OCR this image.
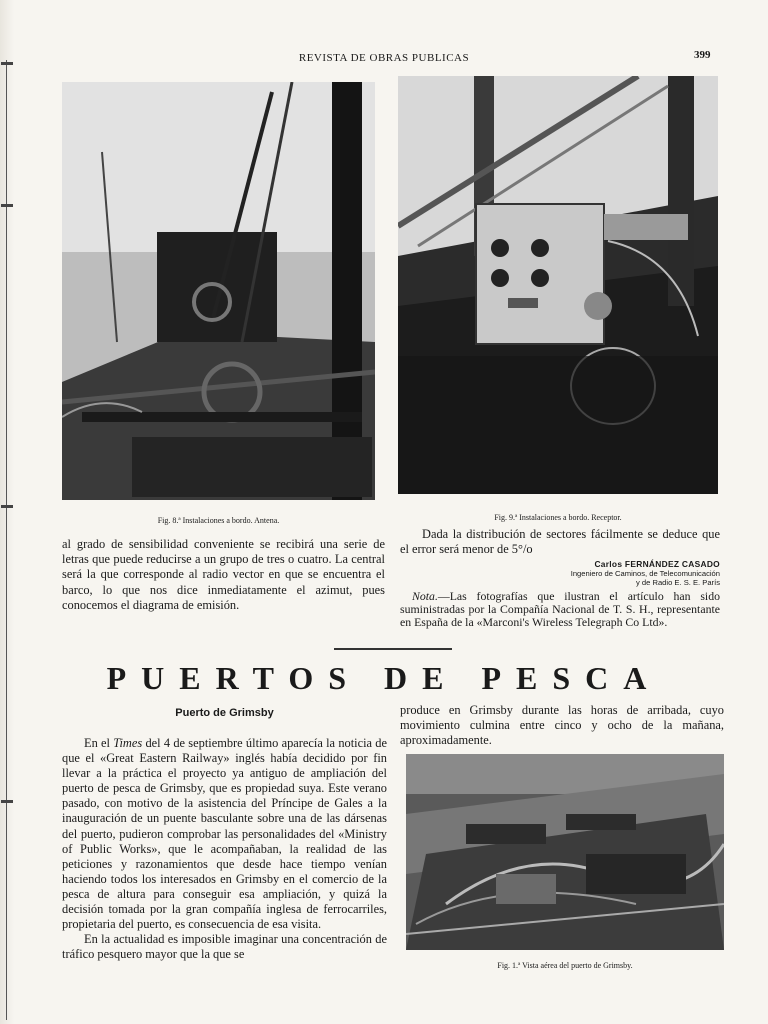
REVISTA DE OBRAS PUBLICAS	399
Fig. 8.ª Instalaciones a bordo. Antena.	Fig. 9.ª Instalaciones a bordo. Receptor.

al grado de sensibilidad conveniente se recibirá una serie de letras que puede reducirse a un grupo de tres o cuatro. La central será la que corresponde al radio vector en que se encuentra el barco, lo que nos dice inmediatamente el azimut, pues conocemos el diagrama de emisión.

Dada la distribución de sectores fácilmente se deduce que el error será menor de 5°/o

Carlos FERNÁNDEZ CASADO
Ingeniero de Caminos, de Telecomunicación
y de Radio E. S. E. París

Nota.—Las fotografías que ilustran el artículo han sido suministradas por la Compañía Nacional de T. S. H., representante en España de la «Marconi's Wireless Telegraph Co Ltd».

PUERTOS DE PESCA
Puerto de Grimsby

En el Times del 4 de septiembre último aparecía la noticia de que el «Great Eastern Railway» inglés había decidido por fin llevar a la práctica el proyecto ya antiguo de ampliación del puerto de pesca de Grimsby, que es propiedad suya. Este verano pasado, con motivo de la asistencia del Príncipe de Gales a la inauguración de un puente basculante sobre una de las dársenas del puerto, pudieron comprobar las personalidades del «Ministry of Public Works», que le acompañaban, la realidad de las peticiones y razonamientos que desde hace tiempo venían haciendo todos los interesados en Grimsby en el comercio de la pesca de altura para conseguir esa ampliación, y quizá la decisión tomada por la gran compañía inglesa de ferrocarriles, propietaria del puerto, es consecuencia de esa visita.

En la actualidad es imposible imaginar una concentración de tráfico pesquero mayor que la que se

produce en Grimsby durante las horas de arribada, cuyo movimiento culmina entre cinco y ocho de la mañana, aproximadamente.

Fig. 1.ª Vista aérea del puerto de Grimsby.
